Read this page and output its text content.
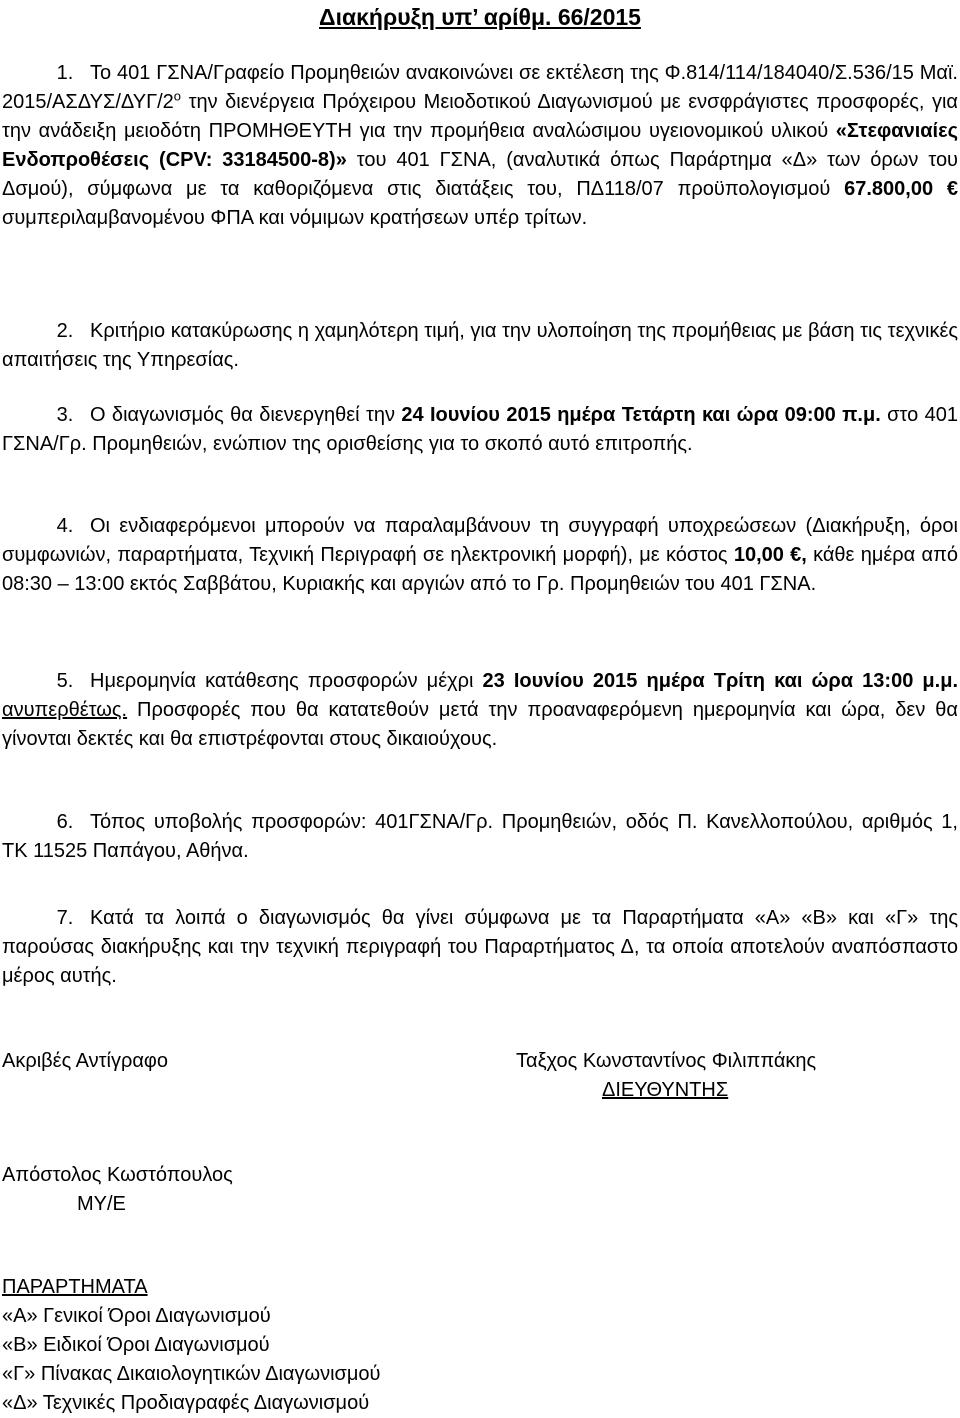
Διακήρυξη υπ’ αρίθμ. 66/2015

1. Το 401 ΓΣΝΑ/Γραφείο Προμηθειών ανακοινώνει σε εκτέλεση της Φ.814/114/184040/Σ.536/15 Μαϊ. $2015/A\Sigma\Delta\Upsilon\Sigma/\Delta\Upsilon\Gamma/2^o$ την διενέργεια Πρόχειρου Μειοδοτικού Διαγωνισμού με ενσφράγιστες προσφορές, για την ανάδειξη μειοδότη ΠΡΟΜΗΘΕΥΤΗ για την προμήθεια αναλώσιμου υγειονομικού υλικού «Στεφανιαίες Ενδοπροθέσεις (CPV: 33184500-8)» του 401 ΓΣΝΑ, (αναλυτικά όπως Παράρτημα «Δ» των όρων του Δσμού), σύμφωνα με τα καθοριζόμενα στις διατάξεις του, ΠΔ118/07 προϋπολογισμού 67.800,00 € συμπεριλαμβανομένου ΦΠΑ και νόμιμων κρατήσεων υπέρ τρίτων.

2. Κριτήριο κατακύρωσης η χαμηλότερη τιμή, για την υλοποίηση της προμήθειας με βάση τις τεχνικές απαιτήσεις της Υπηρεσίας.

3. Ο διαγωνισμός θα διενεργηθεί την 24 Ιουνίου 2015 ημέρα Τετάρτη και ώρα 09:00 π.μ. στο 401 ΓΣΝΑ/Γρ. Προμηθειών, ενώπιον της ορισθείσης για το σκοπό αυτό επιτροπής.

4. Οι ενδιαφερόμενοι μπορούν να παραλαμβάνουν τη συγγραφή υποχρεώσεων (Διακήρυξη, όροι συμφωνιών, παραρτήματα, Τεχνική Περιγραφή σε ηλεκτρονική μορφή), με κόστος 10,00 €, κάθε ημέρα από 08:30 – 13:00 εκτός Σαββάτου, Κυριακής και αργιών από το Γρ. Προμηθειών του 401 ΓΣΝΑ.

5. Ημερομηνία κατάθεσης προσφορών μέχρι 23 Ιουνίου 2015 ημέρα Τρίτη και ώρα 13:00 μ.μ. ανυπερθέτως. Προσφορές που θα κατατεθούν μετά την προαναφερόμενη ημερομηνία και ώρα, δεν θα γίνονται δεκτές και θα επιστρέφονται στους δικαιούχους.

6. Τόπος υποβολής προσφορών: 401ΓΣΝΑ/Γρ. Προμηθειών, οδός Π. Κανελλοπούλου, αριθμός 1, ΤΚ 11525 Παπάγου, Αθήνα.

7. Κατά τα λοιπά ο διαγωνισμός θα γίνει σύμφωνα με τα Παραρτήματα «Α» «Β» και «Γ» της παρούσας διακήρυξης και την τεχνική περιγραφή του Παραρτήματος Δ, τα οποία αποτελούν αναπόσπαστο μέρος αυτής.

Ακριβές Αντίγραφο	Ταξχος Κωνσταντίνος Φιλιππάκης
ΔΙΕΥΘΥΝΤΗΣ
Απόστολος Κωστόπουλος
ΜΥ/Ε
ΠΑΡΑΡΤΗΜΑΤΑ
«Α» Γενικοί Όροι Διαγωνισμού
«Β» Ειδικοί Όροι Διαγωνισμού
«Γ» Πίνακας Δικαιολογητικών Διαγωνισμού
«Δ» Τεχνικές Προδιαγραφές Διαγωνισμού
